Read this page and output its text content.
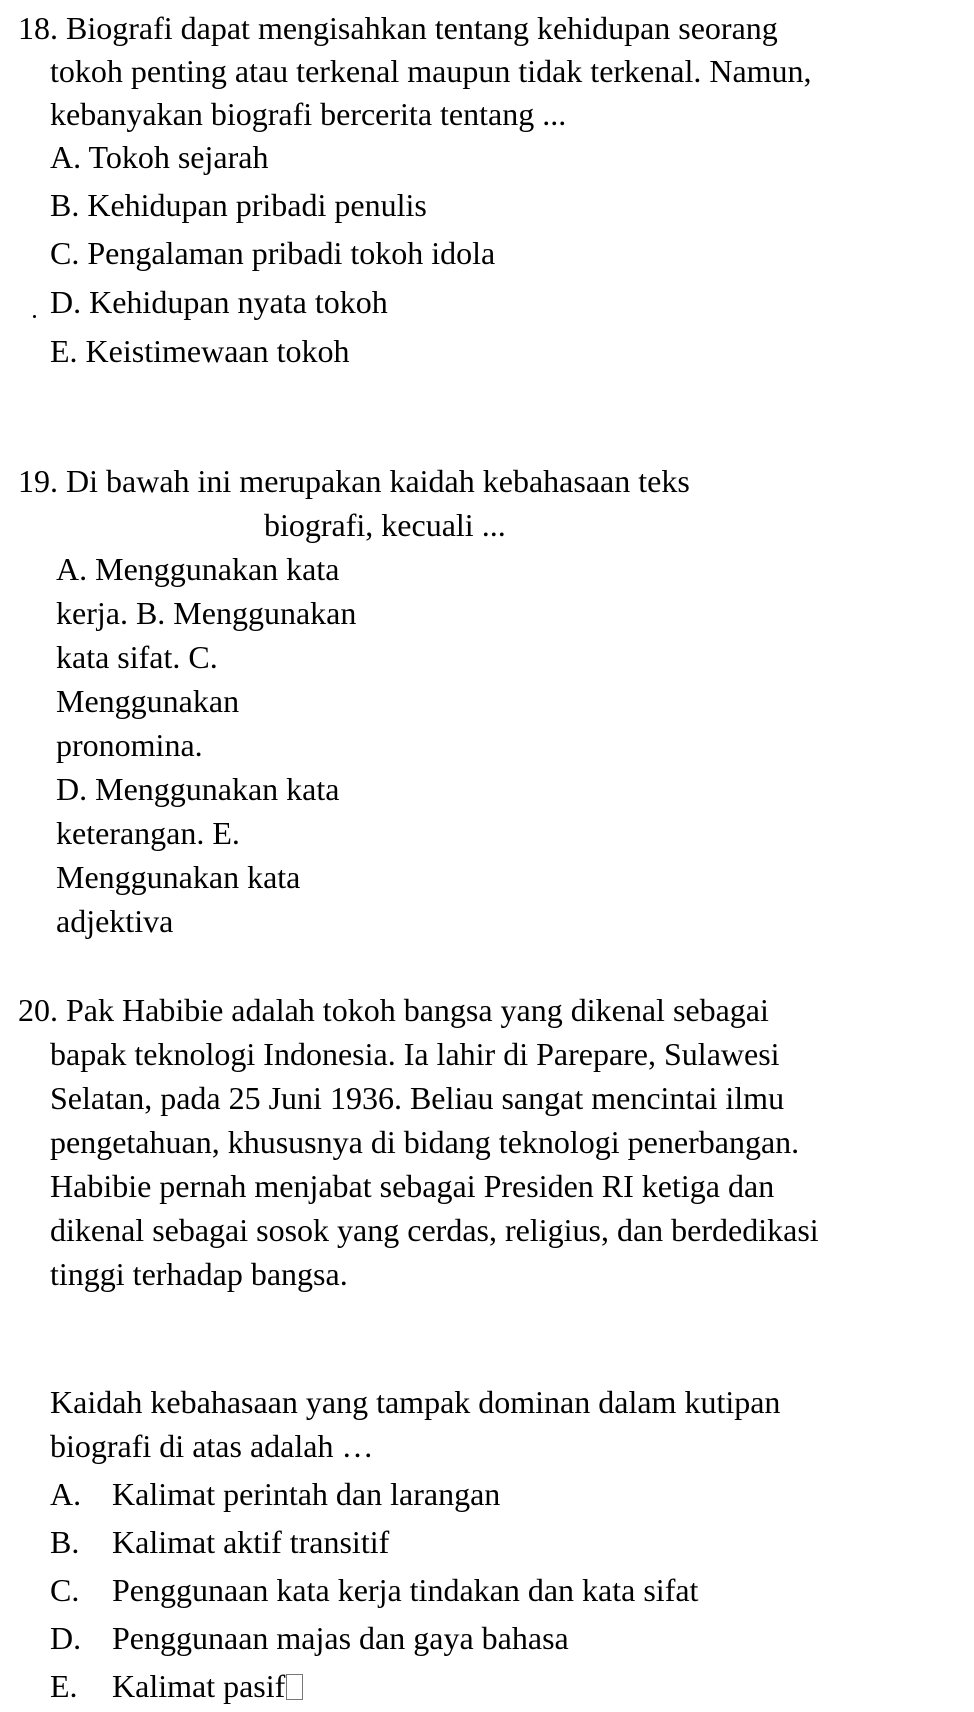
18. Biografi dapat mengisahkan tentang kehidupan seorang
tokoh penting atau terkenal maupun tidak terkenal. Namun,
kebanyakan biografi bercerita tentang ...
A. Tokoh sejarah
B. Kehidupan pribadi penulis
C. Pengalaman pribadi tokoh idola
D. Kehidupan nyata tokoh
E. Keistimewaan tokoh
19. Di bawah ini merupakan kaidah kebahasaan teks
biografi, kecuali ...
A. Menggunakan kata
kerja. B. Menggunakan
kata sifat. C.
Menggunakan
pronomina.
D. Menggunakan kata
keterangan. E.
Menggunakan kata
adjektiva
20. Pak Habibie adalah tokoh bangsa yang dikenal sebagai
bapak teknologi Indonesia. Ia lahir di Parepare, Sulawesi
Selatan, pada 25 Juni 1936. Beliau sangat mencintai ilmu
pengetahuan, khususnya di bidang teknologi penerbangan.
Habibie pernah menjabat sebagai Presiden RI ketiga dan
dikenal sebagai sosok yang cerdas, religius, dan berdedikasi
tinggi terhadap bangsa.
Kaidah kebahasaan yang tampak dominan dalam kutipan
biografi di atas adalah …
A. Kalimat perintah dan larangan
B. Kalimat aktif transitif
C. Penggunaan kata kerja tindakan dan kata sifat
D. Penggunaan majas dan gaya bahasa
E. Kalimat pasif
